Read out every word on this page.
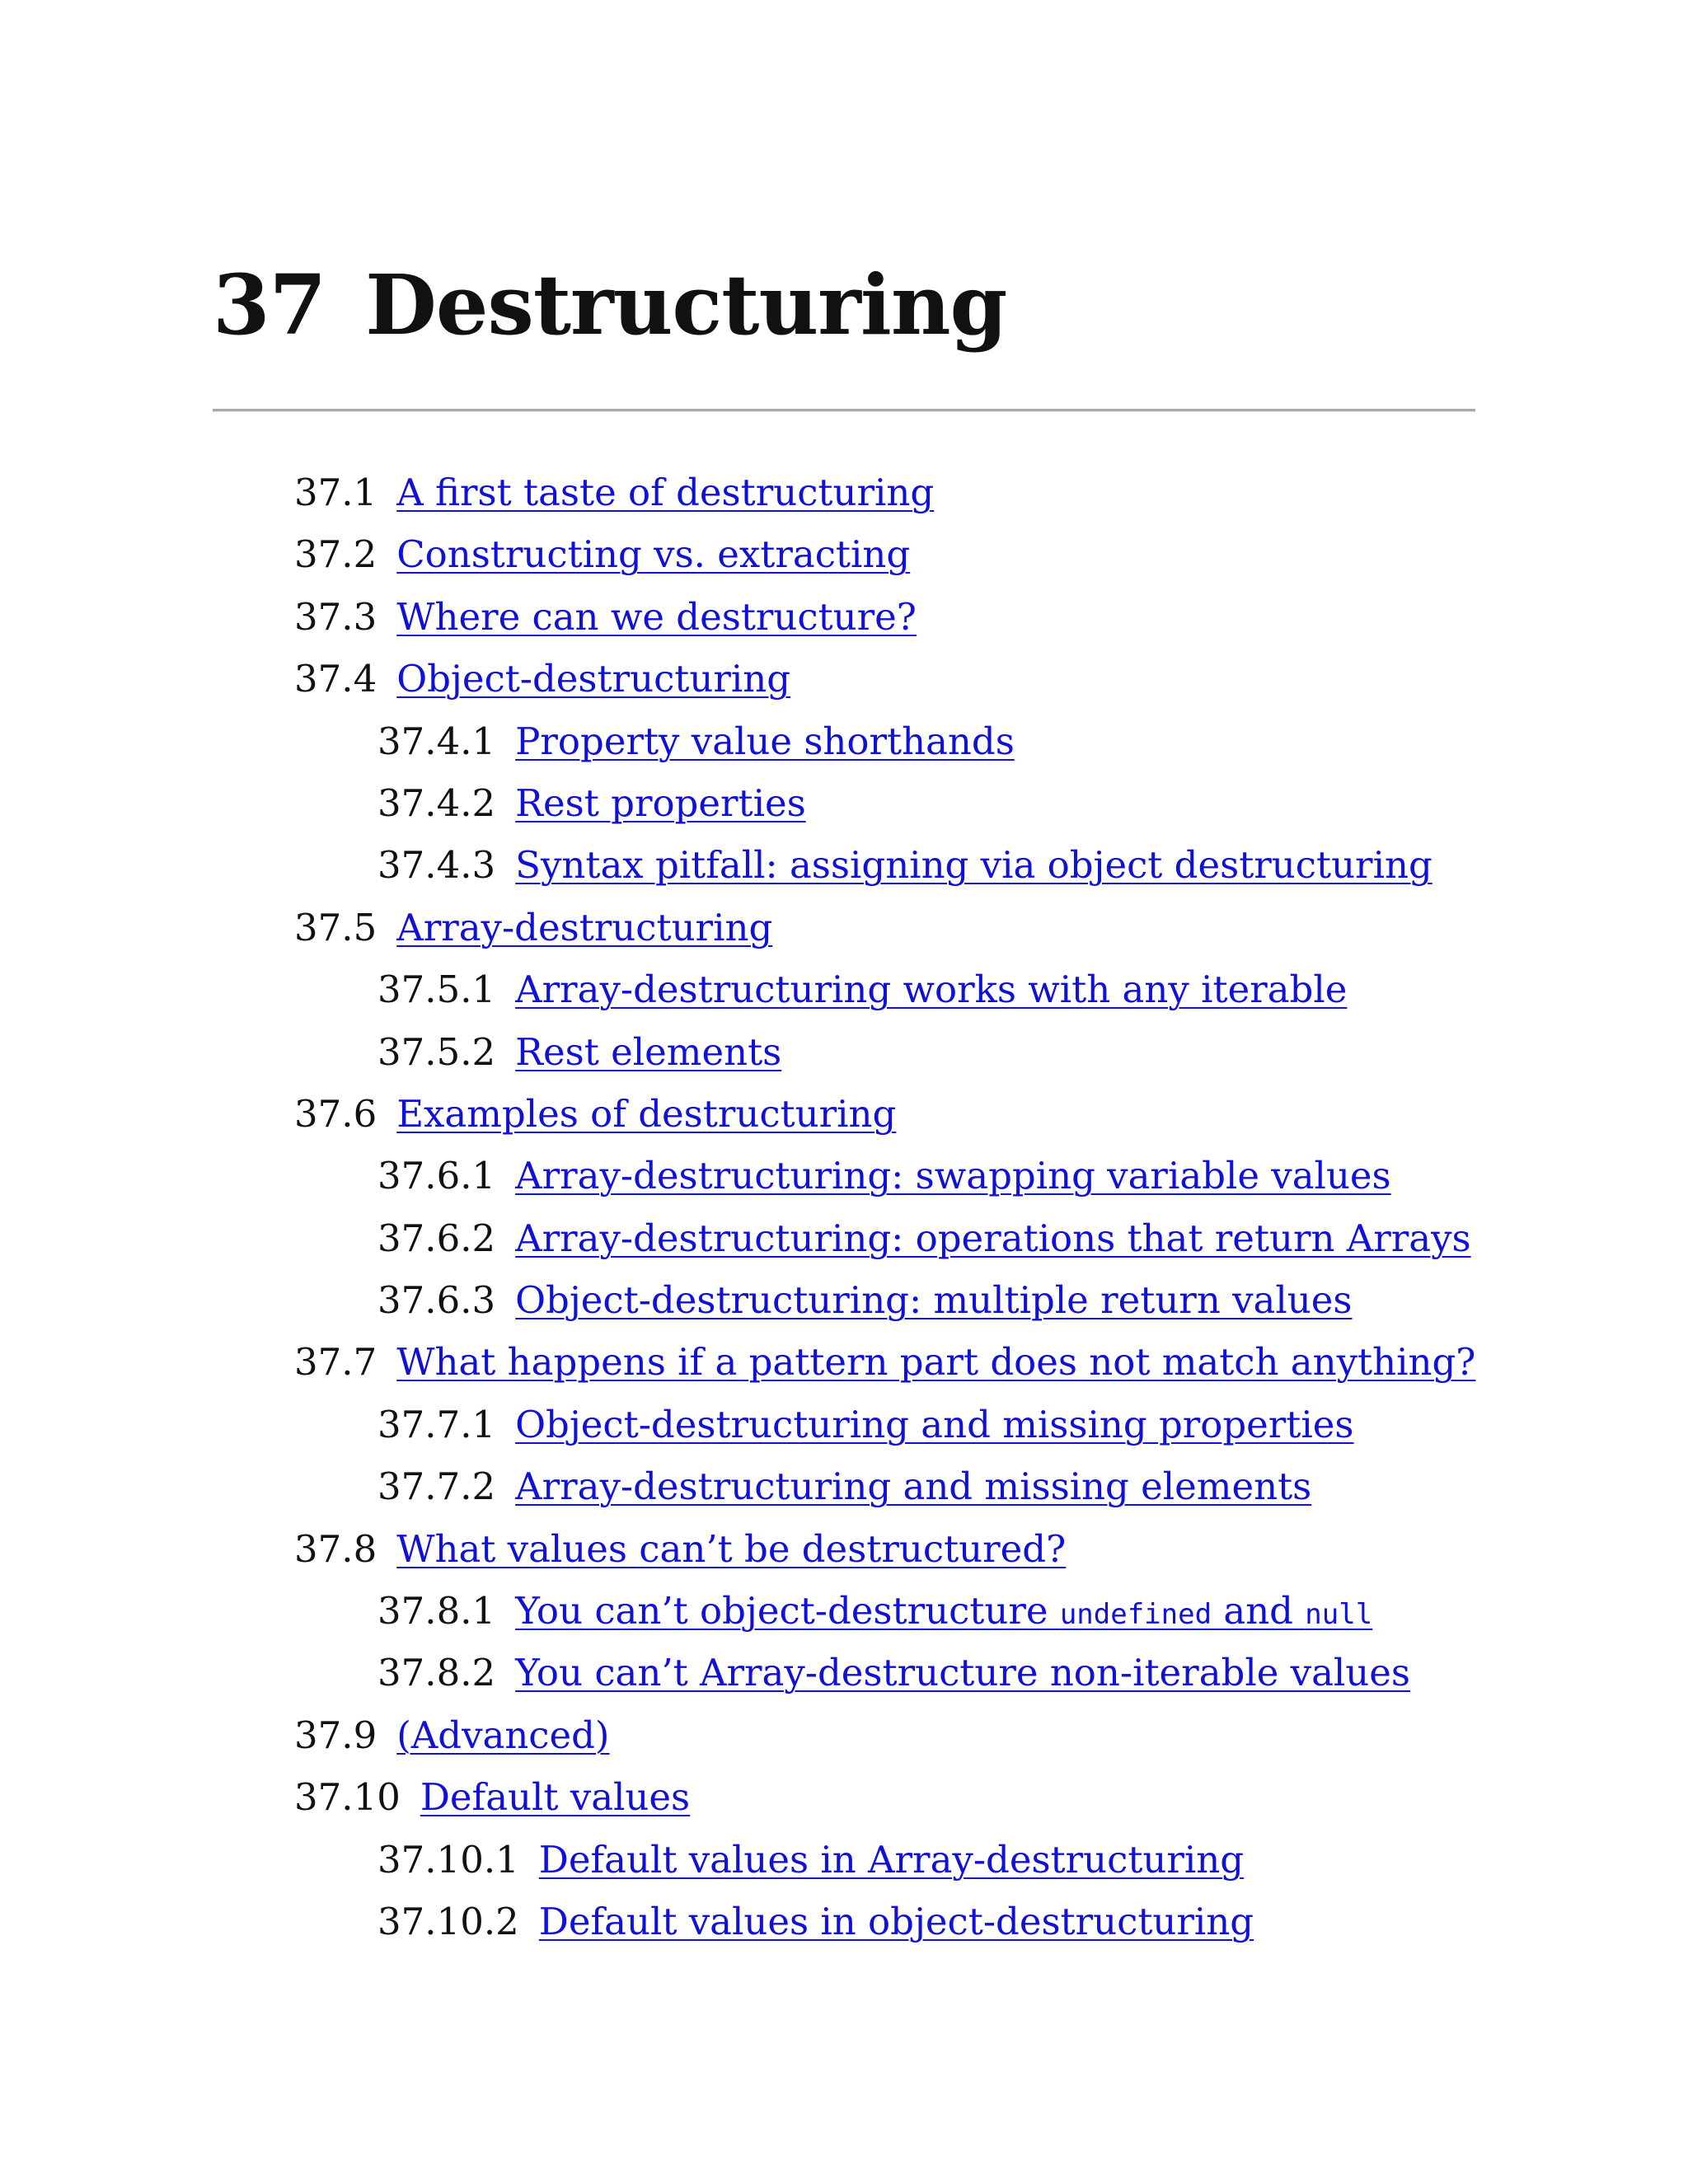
37 Destructuring
37.1 A first taste of destructuring
37.2 Constructing vs. extracting
37.3 Where can we destructure?
37.4 Object-destructuring
37.4.1 Property value shorthands
37.4.2 Rest properties
37.4.3 Syntax pitfall: assigning via object destructuring
37.5 Array-destructuring
37.5.1 Array-destructuring works with any iterable
37.5.2 Rest elements
37.6 Examples of destructuring
37.6.1 Array-destructuring: swapping variable values
37.6.2 Array-destructuring: operations that return Arrays
37.6.3 Object-destructuring: multiple return values
37.7 What happens if a pattern part does not match anything?
37.7.1 Object-destructuring and missing properties
37.7.2 Array-destructuring and missing elements
37.8 What values can’t be destructured?
37.8.1 You can’t object-destructure undefined and null
37.8.2 You can’t Array-destructure non-iterable values
37.9 (Advanced)
37.10 Default values
37.10.1 Default values in Array-destructuring
37.10.2 Default values in object-destructuring
